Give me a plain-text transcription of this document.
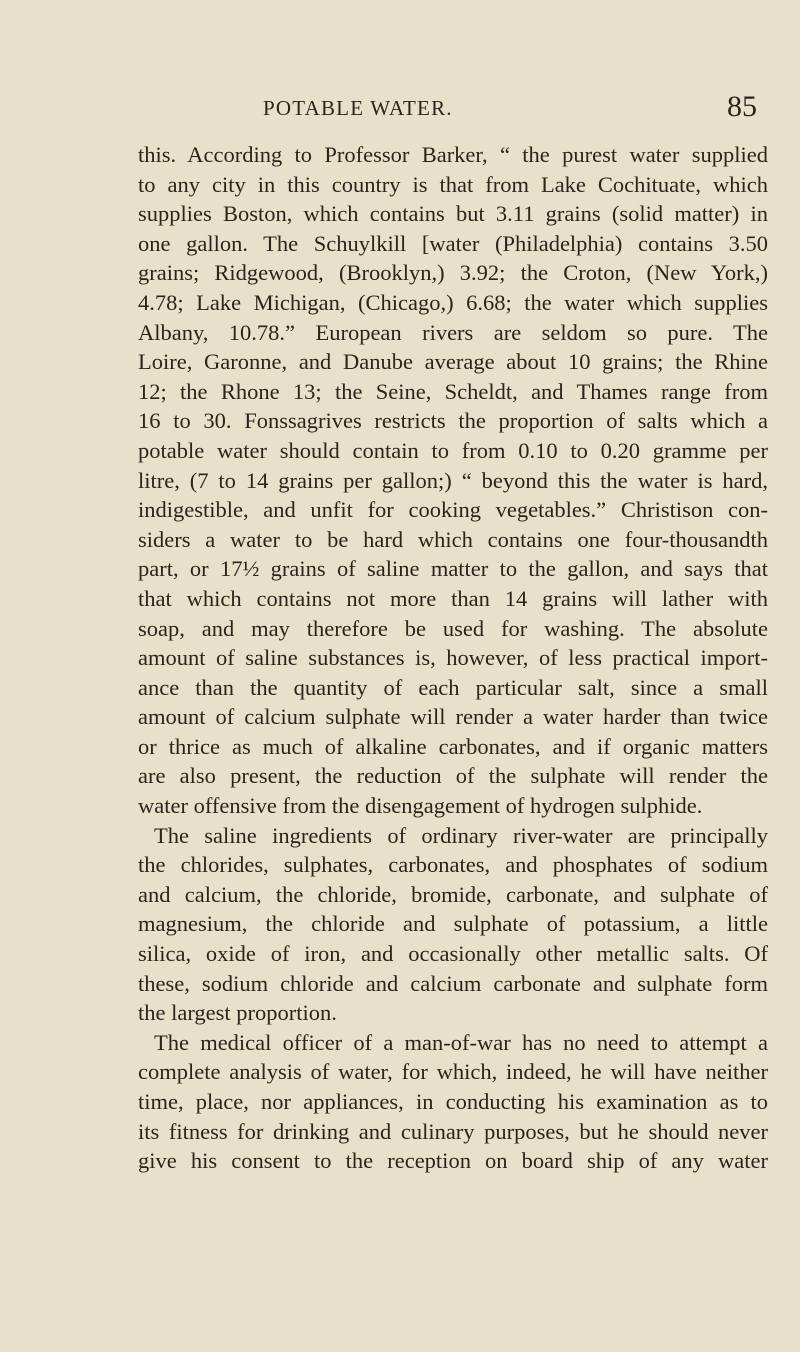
POTABLE WATER.	85
this. According to Professor Barker, “ the purest water supplied
to any city in this country is that from Lake Cochituate, which
supplies Boston, which contains but 3.11 grains (solid matter) in
one gallon. The Schuylkill [water (Philadelphia) contains 3.50
grains; Ridgewood, (Brooklyn,) 3.92; the Croton, (New York,)
4.78; Lake Michigan, (Chicago,) 6.68; the water which supplies
Albany, 10.78.” European rivers are seldom so pure. The
Loire, Garonne, and Danube average about 10 grains; the Rhine
12; the Rhone 13; the Seine, Scheldt, and Thames range from
16 to 30. Fonssagrives restricts the proportion of salts which a
potable water should contain to from 0.10 to 0.20 gramme per
litre, (7 to 14 grains per gallon;) “ beyond this the water is hard,
indigestible, and unfit for cooking vegetables.” Christison con-
siders a water to be hard which contains one four-thousandth
part, or 17½ grains of saline matter to the gallon, and says that
that which contains not more than 14 grains will lather with
soap, and may therefore be used for washing. The absolute
amount of saline substances is, however, of less practical import-
ance than the quantity of each particular salt, since a small
amount of calcium sulphate will render a water harder than twice
or thrice as much of alkaline carbonates, and if organic matters
are also present, the reduction of the sulphate will render the
water offensive from the disengagement of hydrogen sulphide.
The saline ingredients of ordinary river-water are principally
the chlorides, sulphates, carbonates, and phosphates of sodium
and calcium, the chloride, bromide, carbonate, and sulphate of
magnesium, the chloride and sulphate of potassium, a little
silica, oxide of iron, and occasionally other metallic salts. Of
these, sodium chloride and calcium carbonate and sulphate form
the largest proportion.
The medical officer of a man-of-war has no need to attempt a
complete analysis of water, for which, indeed, he will have neither
time, place, nor appliances, in conducting his examination as to
its fitness for drinking and culinary purposes, but he should never
give his consent to the reception on board ship of any water
